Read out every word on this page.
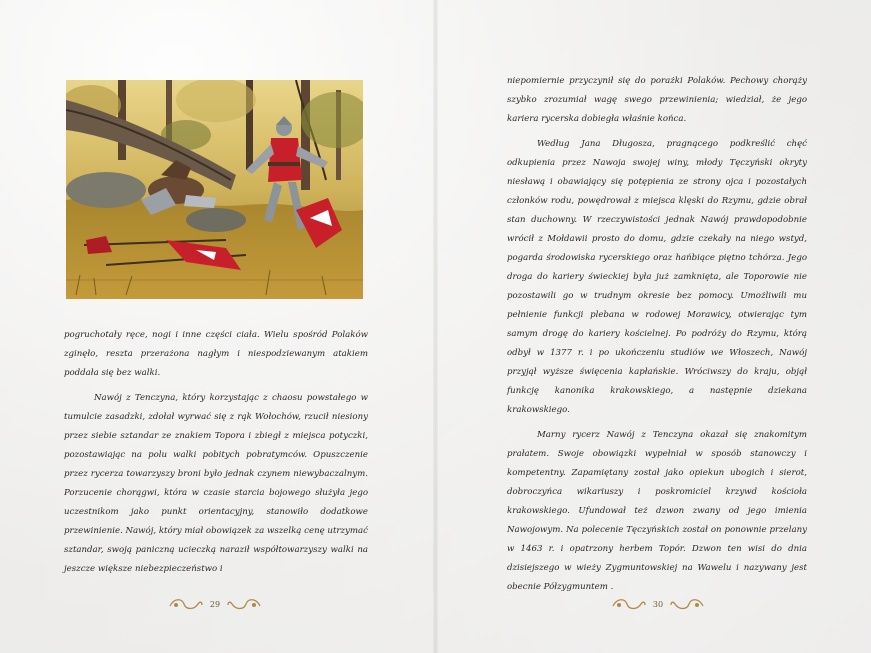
pogruchotały ręce, nogi i inne części ciała. Wielu spośród Polaków zginęło, reszta przerażona nagłym i niespodziewanym atakiem poddała się bez walki.

Nawój z Tenczyna, który korzystając z chaosu powstałego w tumulcie zasadzki, zdołał wyrwać się z rąk Wołochów, rzucił niesiony przez siebie sztandar ze znakiem Topora i zbiegł z miejsca potyczki, pozostawiając na polu walki pobitych pobratymców. Opuszczenie przez rycerza towarzyszy broni było jednak czynem niewybaczalnym. Porzucenie chorągwi, która w czasie starcia bojowego służyła jego uczestnikom jako punkt orientacyjny, stanowiło dodatkowe przewinienie. Nawój, który miał obowiązek za wszelką cenę utrzymać sztandar, swoją paniczną ucieczką naraził współtowarzyszy walki na jeszcze większe niebezpieczeństwo i

29

niepomiernie przyczynił się do porażki Polaków. Pechowy chorąży szybko zrozumiał wagę swego przewinienia; wiedział, że jego kariera rycerska dobiegła właśnie końca.

Według Jana Długosza, pragnącego podkreślić chęć odkupienia przez Nawoja swojej winy, młody Tęczyński okryty niesławą i obawiający się potępienia ze strony ojca i pozostałych członków rodu, powędrował z miejsca klęski do Rzymu, gdzie obrał stan duchowny. W rzeczywistości jednak Nawój prawdopodobnie wrócił z Mołdawii prosto do domu, gdzie czekały na niego wstyd, pogarda środowiska rycerskiego oraz hańbiące piętno tchórza. Jego droga do kariery świeckiej była już zamknięta, ale Toporowie nie pozostawili go w trudnym okresie bez pomocy. Umożliwili mu pełnienie funkcji plebana w rodowej Morawicy, otwierając tym samym drogę do kariery kościelnej. Po podróży do Rzymu, którą odbył w 1377 r. i po ukończeniu studiów we Włoszech, Nawój przyjął wyższe święcenia kapłańskie. Wróciwszy do kraju, objął funkcję kanonika krakowskiego, a następnie dziekana krakowskiego.

Marny rycerz Nawój z Tenczyna okazał się znakomitym prałatem. Swoje obowiązki wypełniał w sposób stanowczy i kompetentny. Zapamiętany został jako opiekun ubogich i sierot, dobroczyńca wikariuszy i poskromiciel krzywd kościoła krakowskiego. Ufundował też dzwon zwany od jego imienia Nawojowym. Na polecenie Tęczyńskich został on ponownie przelany w 1463 r. i opatrzony herbem Topór. Dzwon ten wisi do dnia dzisiejszego w wieży Zygmuntowskiej na Wawelu i nazywany jest obecnie Półzygmuntem .

30
